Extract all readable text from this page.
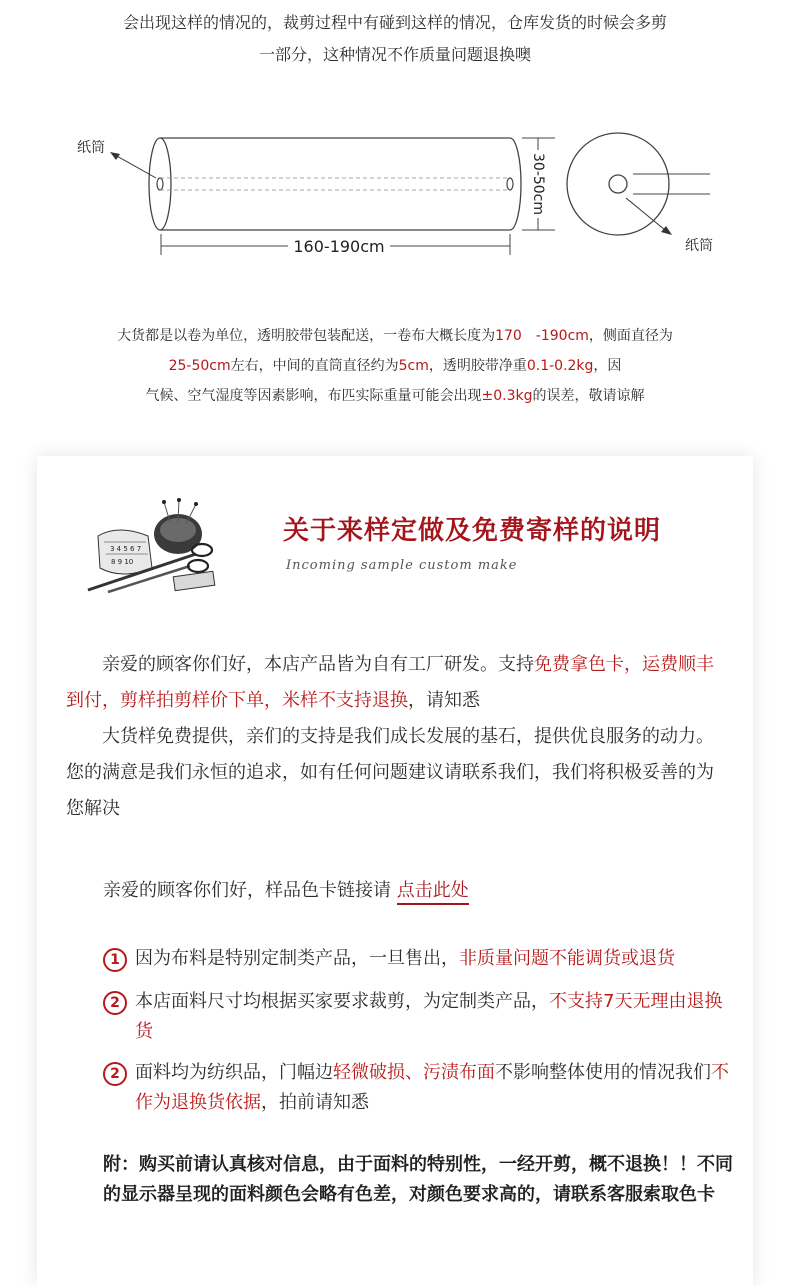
会出现这样的情况的，裁剪过程中有碰到这样的情况，仓库发货的时候会多剪
一部分，这种情况不作质量问题退换噢
纸筒
160-190cm
30-50cm
纸筒
大货都是以卷为单位，透明胶带包装配送，一卷布大概长度为170　-190cm，侧面直径为
25-50cm左右，中间的直筒直径约为5cm，透明胶带净重0.1-0.2kg，因
气候、空气湿度等因素影响，布匹实际重量可能会出现±0.3kg的误差，敬请谅解
3 4 5 6 7
8 9 10
关于来样定做及免费寄样的说明
Incoming sample custom make
亲爱的顾客你们好，本店产品皆为自有工厂研发。支持免费拿色卡，运费顺丰到付，剪样拍剪样价下单，米样不支持退换，请知悉
大货样免费提供，亲们的支持是我们成长发展的基石，提供优良服务的动力。您的满意是我们永恒的追求，如有任何问题建议请联系我们，我们将积极妥善的为您解决
亲爱的顾客你们好，样品色卡链接请 点击此处
1 因为布料是特别定制类产品，一旦售出，非质量问题不能调货或退货
2 本店面料尺寸均根据买家要求裁剪，为定制类产品，不支持7天无理由退换货
2 面料均为纺织品，门幅边轻微破损、污渍布面不影响整体使用的情况我们不作为退换货依据，拍前请知悉
附：购买前请认真核对信息，由于面料的特别性，一经开剪，概不退换！！不同的显示器呈现的面料颜色会略有色差，对颜色要求高的，请联系客服索取色卡
